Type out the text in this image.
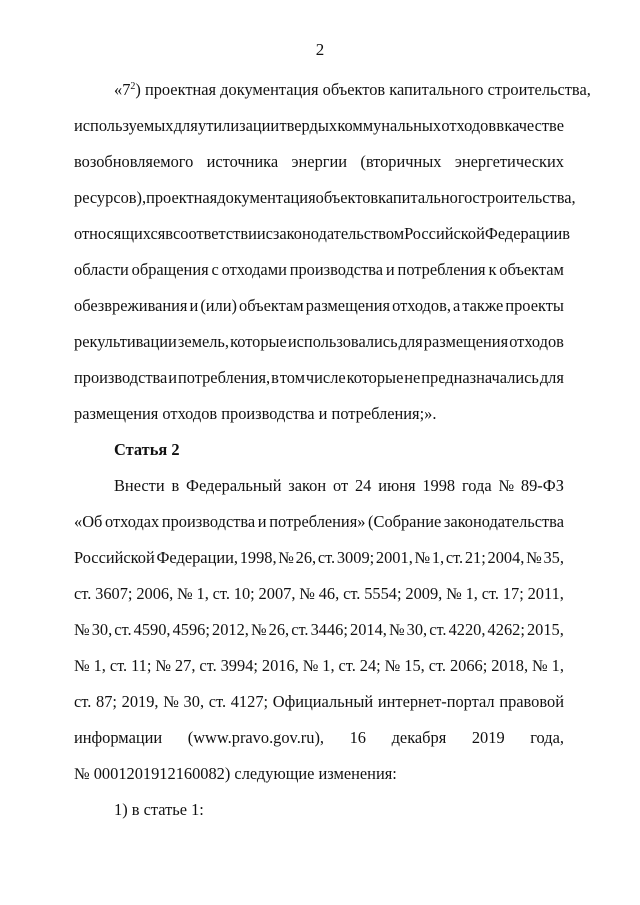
2
«$7^2$) проектная документация объектов капитального строительства,
используемых для утилизации твердых коммунальных отходов в качестве
возобновляемого источника энергии (вторичных энергетических
ресурсов), проектная документация объектов капитального строительства,
относящихся в соответствии с законодательством Российской Федерации в
области обращения с отходами производства и потребления к объектам
обезвреживания и (или) объектам размещения отходов, а также проекты
рекультивации земель, которые использовались для размещения отходов
производства и потребления, в том числе которые не предназначались для
размещения отходов производства и потребления;».
Статья 2
Внести в Федеральный закон от 24 июня 1998 года № 89-ФЗ
«Об отходах производства и потребления» (Собрание законодательства
Российской Федерации, 1998, № 26, ст. 3009; 2001, № 1, ст. 21; 2004, № 35,
ст. 3607; 2006, № 1, ст. 10; 2007, № 46, ст. 5554; 2009, № 1, ст. 17; 2011,
№ 30, ст. 4590, 4596; 2012, № 26, ст. 3446; 2014, № 30, ст. 4220, 4262; 2015,
№ 1, ст. 11; № 27, ст. 3994; 2016, № 1, ст. 24; № 15, ст. 2066; 2018, № 1,
ст. 87; 2019, № 30, ст. 4127; Официальный интернет-портал правовой
информации (www.pravo.gov.ru), 16 декабря 2019 года,
№ 0001201912160082) следующие изменения:
1) в статье 1:
